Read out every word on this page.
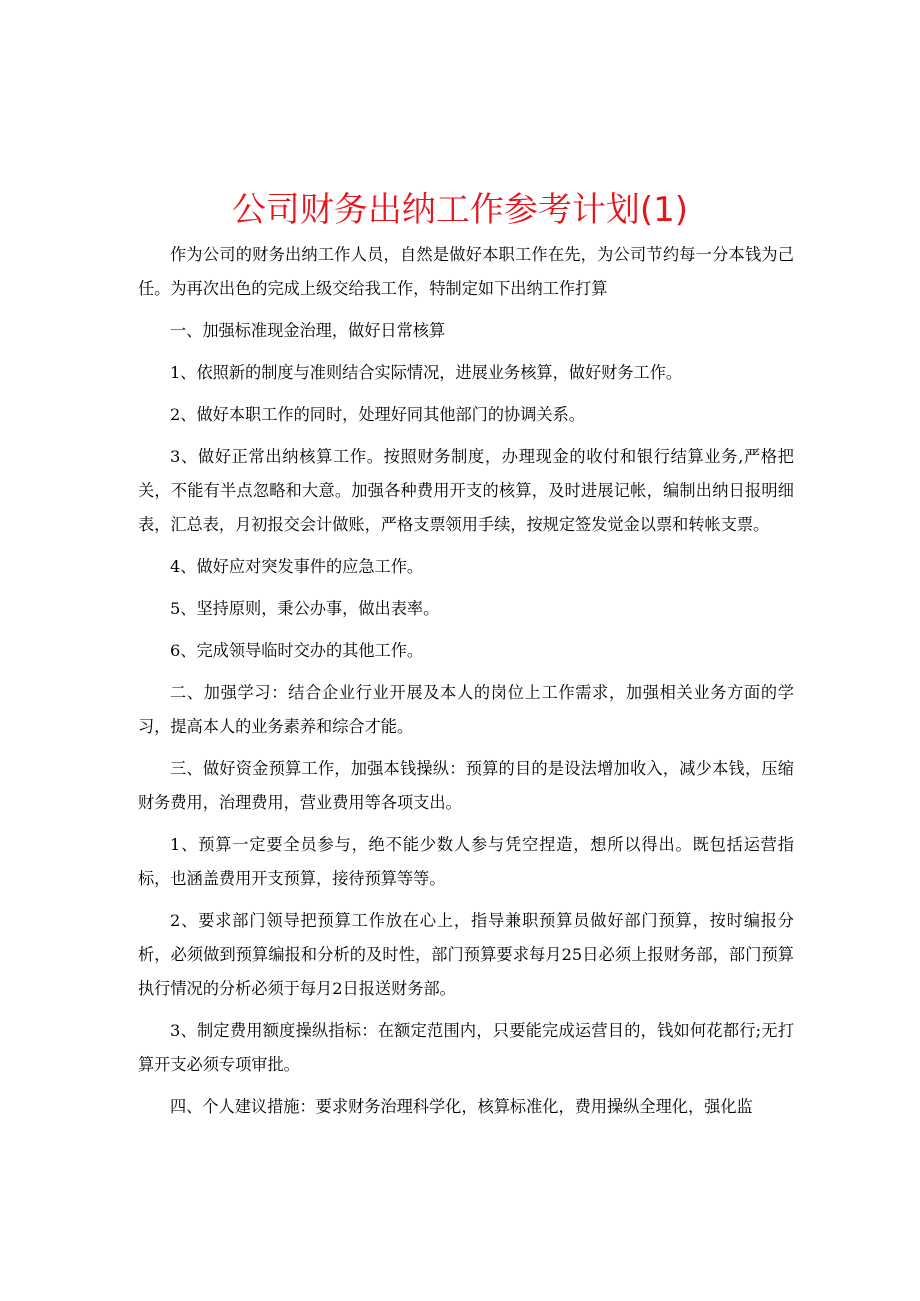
公司财务出纳工作参考计划(1)

作为公司的财务出纳工作人员，自然是做好本职工作在先，为公司节约每一分本钱为己任。为再次出色的完成上级交给我工作，特制定如下出纳工作打算

一、加强标准现金治理，做好日常核算

1、依照新的制度与准则结合实际情况，进展业务核算，做好财务工作。

2、做好本职工作的同时，处理好同其他部门的协调关系。

3、做好正常出纳核算工作。按照财务制度，办理现金的收付和银行结算业务,严格把关，不能有半点忽略和大意。加强各种费用开支的核算，及时进展记帐，编制出纳日报明细表，汇总表，月初报交会计做账，严格支票领用手续，按规定签发觉金以票和转帐支票。

4、做好应对突发事件的应急工作。

5、坚持原则，秉公办事，做出表率。

6、完成领导临时交办的其他工作。

二、加强学习：结合企业行业开展及本人的岗位上工作需求，加强相关业务方面的学习，提高本人的业务素养和综合才能。

三、做好资金预算工作，加强本钱操纵：预算的目的是设法增加收入，减少本钱，压缩财务费用，治理费用，营业费用等各项支出。

1、预算一定要全员参与，绝不能少数人参与凭空捏造，想所以得出。既包括运营指标，也涵盖费用开支预算，接待预算等等。

2、要求部门领导把预算工作放在心上，指导兼职预算员做好部门预算，按时编报分析，必须做到预算编报和分析的及时性，部门预算要求每月25日必须上报财务部，部门预算执行情况的分析必须于每月2日报送财务部。

3、制定费用额度操纵指标：在额定范围内，只要能完成运营目的，钱如何花都行;无打算开支必须专项审批。

四、个人建议措施：要求财务治理科学化，核算标准化，费用操纵全理化，强化监
